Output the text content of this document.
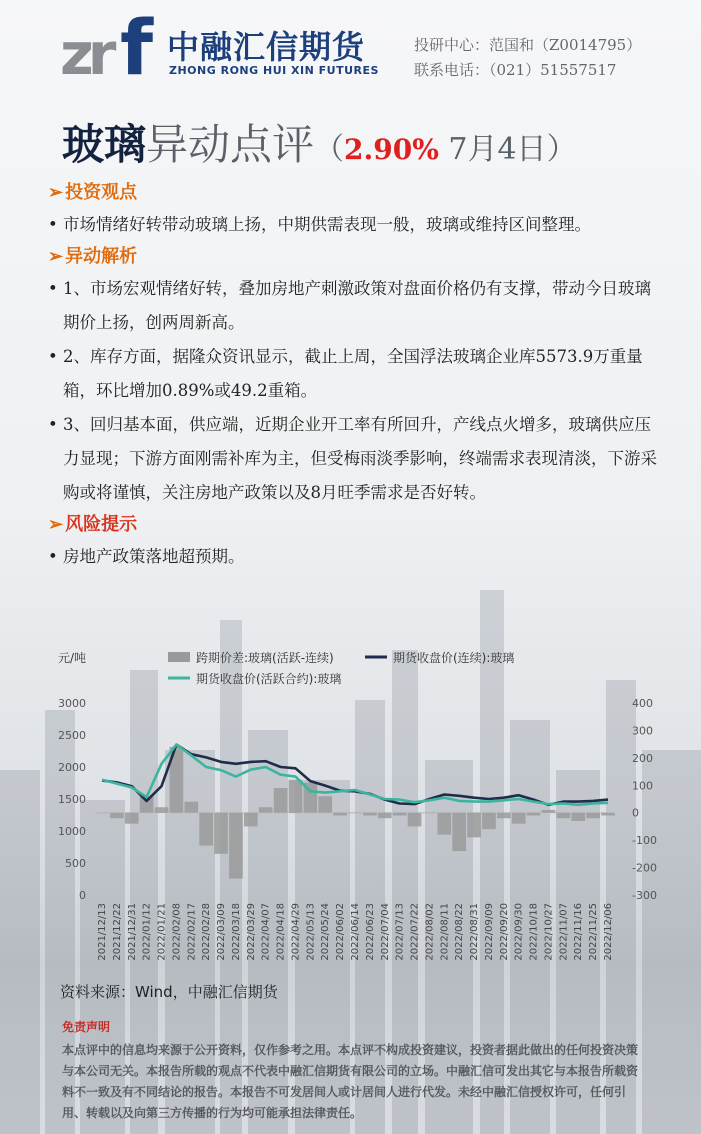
zr f 中融汇信期货
ZHONG RONG HUI XIN FUTURES
投研中心：范国和（Z0014795）
联系电话：（021）51557517
玻璃异动点评（2.90% 7月4日）
➢ 投资观点
• 市场情绪好转带动玻璃上扬，中期供需表现一般，玻璃或维持区间整理。
➢ 异动解析
• 1、市场宏观情绪好转，叠加房地产刺激政策对盘面价格仍有支撑，带动今日玻璃期价上扬，创两周新高。
• 2、库存方面，据隆众资讯显示，截止上周，全国浮法玻璃企业库5573.9万重量箱，环比增加0.89%或49.2重箱。
• 3、回归基本面，供应端，近期企业开工率有所回升，产线点火增多，玻璃供应压力显现；下游方面刚需补库为主，但受梅雨淡季影响，终端需求表现清淡，下游采购或将谨慎，关注房地产政策以及8月旺季需求是否好转。
➢ 风险提示
• 房地产政策落地超预期。
元/吨	跨期价差:玻璃(活跃-连续)	期货收盘价(连续):玻璃
期货收盘价(活跃合约):玻璃
0
500
1000
1500
2000
2500
3000
-300
-200
-100
0
100
200
300
400
2021/12/13 2021/12/22 2021/12/31 2022/01/12 2022/01/21 2022/02/08 2022/02/17 2022/02/28 2022/03/09 2022/03/18 2022/03/29 2022/04/07 2022/04/18 2022/04/29 2022/05/13 2022/05/24 2022/06/02 2022/06/14 2022/06/23 2022/07/04 2022/07/13 2022/07/22 2022/08/02 2022/08/11 2022/08/22 2022/08/31 2022/09/09 2022/09/20 2022/09/30 2022/10/18 2022/10/27 2022/11/07 2022/11/16 2022/11/25 2022/12/06
资料来源：Wind，中融汇信期货
免责声明
本点评中的信息均来源于公开资料，仅作参考之用。本点评不构成投资建议，投资者据此做出的任何投资决策与本公司无关。本报告所载的观点不代表中融汇信期货有限公司的立场。中融汇信可发出其它与本报告所载资料不一致及有不同结论的报告。本报告不可发居间人或计居间人进行代发。未经中融汇信授权许可，任何引用、转载以及向第三方传播的行为均可能承担法律责任。
